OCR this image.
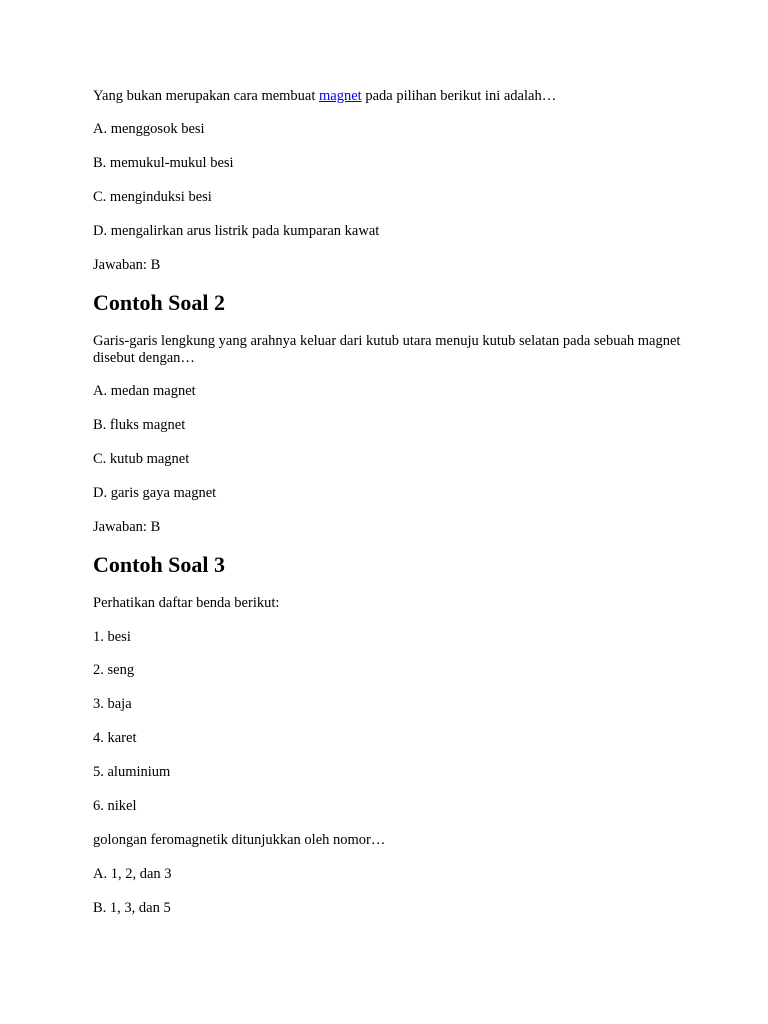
Yang bukan merupakan cara membuat magnet pada pilihan berikut ini adalah…
A. menggosok besi
B. memukul-mukul besi
C. menginduksi besi
D. mengalirkan arus listrik pada kumparan kawat
Jawaban: B
Contoh Soal 2
Garis-garis lengkung yang arahnya keluar dari kutub utara menuju kutub selatan pada sebuah magnet disebut dengan…
A. medan magnet
B. fluks magnet
C. kutub magnet
D. garis gaya magnet
Jawaban: B
Contoh Soal 3
Perhatikan daftar benda berikut:
1. besi
2. seng
3. baja
4. karet
5. aluminium
6. nikel
golongan feromagnetik ditunjukkan oleh nomor…
A. 1, 2, dan 3
B. 1, 3, dan 5
